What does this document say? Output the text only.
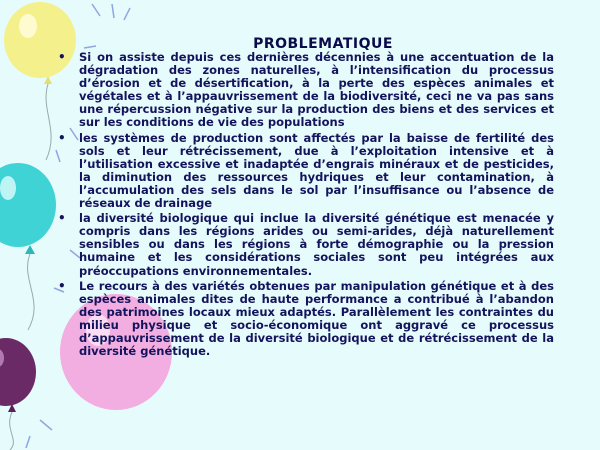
PROBLEMATIQUE
• Si on assiste depuis ces dernières décennies à une accentuation de la dégradation des zones naturelles, à l’intensification du processus d’érosion et de désertification, à la perte des espèces animales et végétales et à l’appauvrissement de la biodiversité, ceci ne va pas sans une répercussion négative sur la production des biens et des services et sur les conditions de vie des populations
• les systèmes de production sont affectés par la baisse de fertilité des sols et leur rétrécissement, due à l’exploitation intensive et à l’utilisation excessive et inadaptée d’engrais minéraux et de pesticides, la diminution des ressources hydriques et leur contamination, à l’accumulation des sels dans le sol par l’insuffisance ou l’absence de réseaux de drainage
• la diversité biologique qui inclue la diversité génétique est menacée y compris dans les régions arides ou semi-arides, déjà naturellement sensibles ou dans les régions à forte démographie ou la pression humaine et les considérations sociales sont peu intégrées aux préoccupations environnementales.
• Le recours à des variétés obtenues par manipulation génétique et à des espèces animales dites de haute performance a contribué à l’abandon des patrimoines locaux mieux adaptés. Parallèlement les contraintes du milieu physique et socio-économique ont aggravé ce processus d’appauvrissement de la diversité biologique et de rétrécissement de la diversité génétique.
